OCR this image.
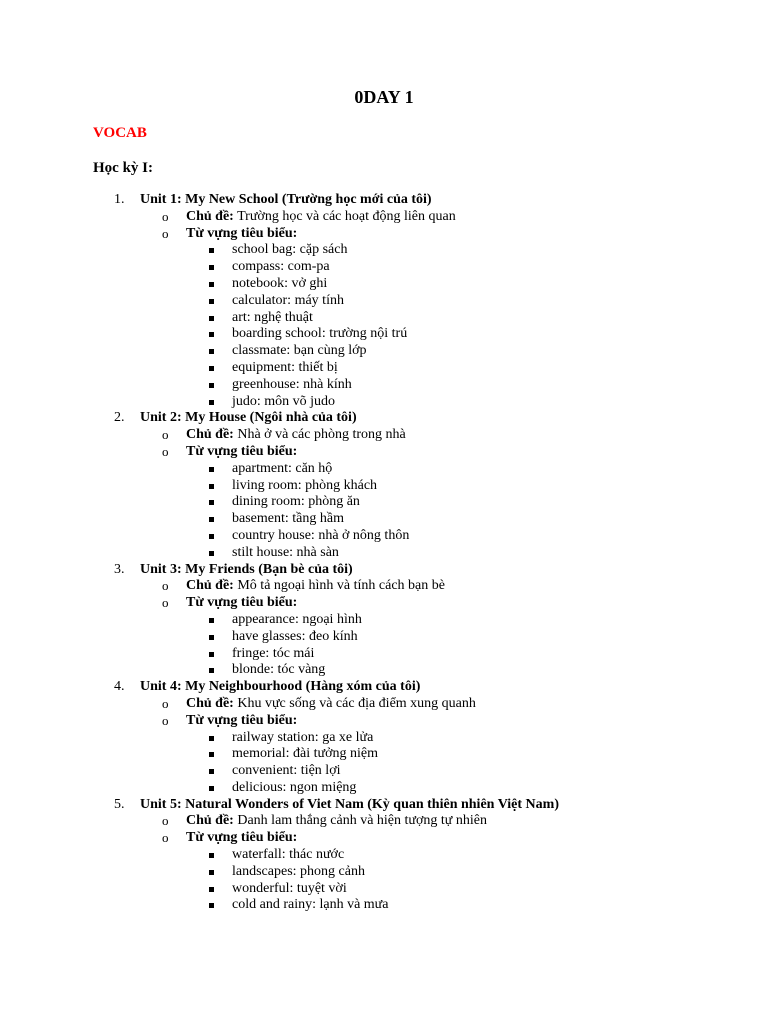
0DAY 1
VOCAB
Học kỳ I:
1. Unit 1: My New School (Trường học mới của tôi)
o Chủ đề: Trường học và các hoạt động liên quan
o Từ vựng tiêu biểu:
school bag: cặp sách
compass: com-pa
notebook: vở ghi
calculator: máy tính
art: nghệ thuật
boarding school: trường nội trú
classmate: bạn cùng lớp
equipment: thiết bị
greenhouse: nhà kính
judo: môn võ judo
2. Unit 2: My House (Ngôi nhà của tôi)
o Chủ đề: Nhà ở và các phòng trong nhà
o Từ vựng tiêu biểu:
apartment: căn hộ
living room: phòng khách
dining room: phòng ăn
basement: tầng hầm
country house: nhà ở nông thôn
stilt house: nhà sàn
3. Unit 3: My Friends (Bạn bè của tôi)
o Chủ đề: Mô tả ngoại hình và tính cách bạn bè
o Từ vựng tiêu biểu:
appearance: ngoại hình
have glasses: đeo kính
fringe: tóc mái
blonde: tóc vàng
4. Unit 4: My Neighbourhood (Hàng xóm của tôi)
o Chủ đề: Khu vực sống và các địa điểm xung quanh
o Từ vựng tiêu biểu:
railway station: ga xe lửa
memorial: đài tưởng niệm
convenient: tiện lợi
delicious: ngon miệng
5. Unit 5: Natural Wonders of Viet Nam (Kỳ quan thiên nhiên Việt Nam)
o Chủ đề: Danh lam thắng cảnh và hiện tượng tự nhiên
o Từ vựng tiêu biểu:
waterfall: thác nước
landscapes: phong cảnh
wonderful: tuyệt vời
cold and rainy: lạnh và mưa
